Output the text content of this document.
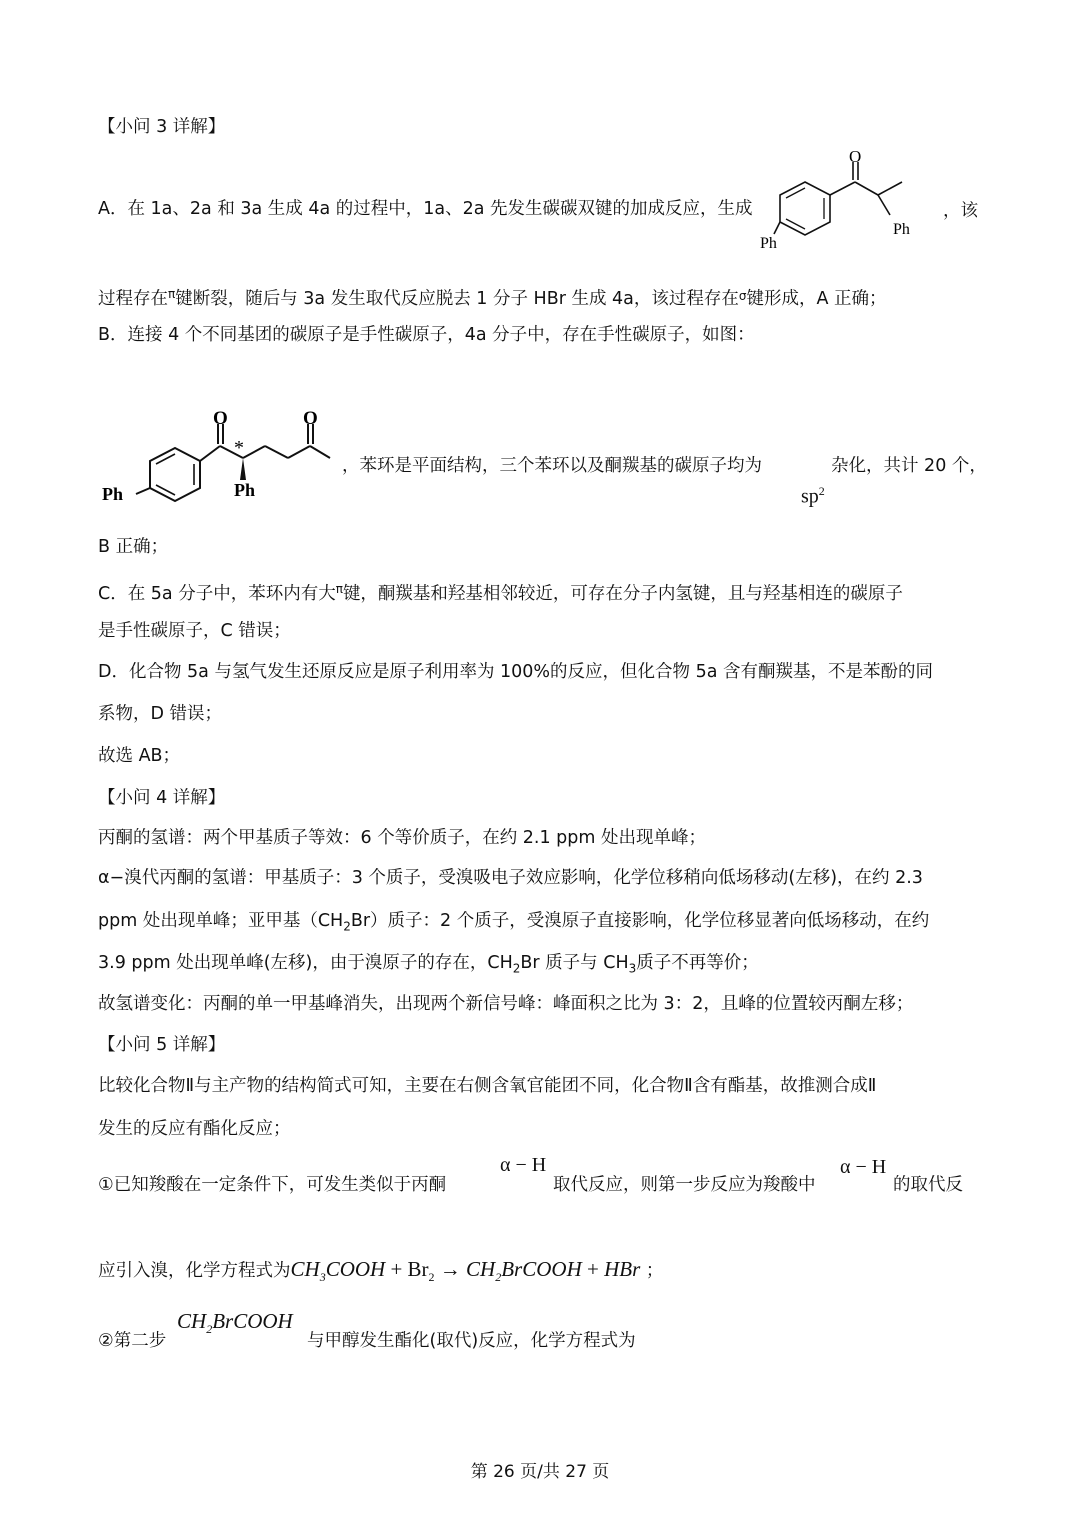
【小问 3 详解】
A．在 1a、2a 和 3a 生成 4a 的过程中，1a、2a 先发生碳碳双键的加成反应，生成
O
Ph
Ph
，该
过程存在$^\pi$键断裂，随后与 3a 发生取代反应脱去 1 分子 HBr 生成 4a，该过程存在$^\sigma$键形成，A 正确；
B．连接 4 个不同基团的碳原子是手性碳原子，4a 分子中，存在手性碳原子，如图：
O	O
*
Ph	Ph
，苯环是平面结构，三个苯环以及酮羰基的碳原子均为	杂化，共计 20 个，
$sp^2$
B 正确；
C．在 5a 分子中，苯环内有大$^\pi$键，酮羰基和羟基相邻较近，可存在分子内氢键，且与羟基相连的碳原子
是手性碳原子，C 错误；
D．化合物 5a 与氢气发生还原反应是原子利用率为 100%的反应，但化合物 5a 含有酮羰基，不是苯酚的同
系物，D 错误；
故选 AB；
【小问 4 详解】
丙酮的氢谱：两个甲基质子等效：6 个等价质子，在约 2.1 ppm 处出现单峰；
α−溴代丙酮的氢谱：甲基质子：3 个质子，受溴吸电子效应影响，化学位移稍向低场移动(左移)，在约 2.3
ppm 处出现单峰；亚甲基$(CH_2Br)$质子：2 个质子，受溴原子直接影响，化学位移显著向低场移动，在约
3.9 ppm 处出现单峰(左移)，由于溴原子的存在，$CH_2Br$ 质子与 $CH_3$质子不再等价；
故氢谱变化：丙酮的单一甲基峰消失，出现两个新信号峰：峰面积之比为 3：2，且峰的位置较丙酮左移；
【小问 5 详解】
比较化合物Ⅱ与主产物的结构简式可知，主要在右侧含氧官能团不同，化合物Ⅱ含有酯基，故推测合成Ⅱ
发生的反应有酯化反应；
①已知羧酸在一定条件下，可发生类似于丙酮
α − H
取代反应，则第一步反应为羧酸中
α − H
的取代反
应引入溴，化学方程式为$CH_3COOH + Br_2$ → $CH_2BrCOOH$ + HBr ；
②第二步
$CH_2BrCOOH$
与甲醇发生酯化(取代)反应，化学方程式为
第 26 页/共 27 页
